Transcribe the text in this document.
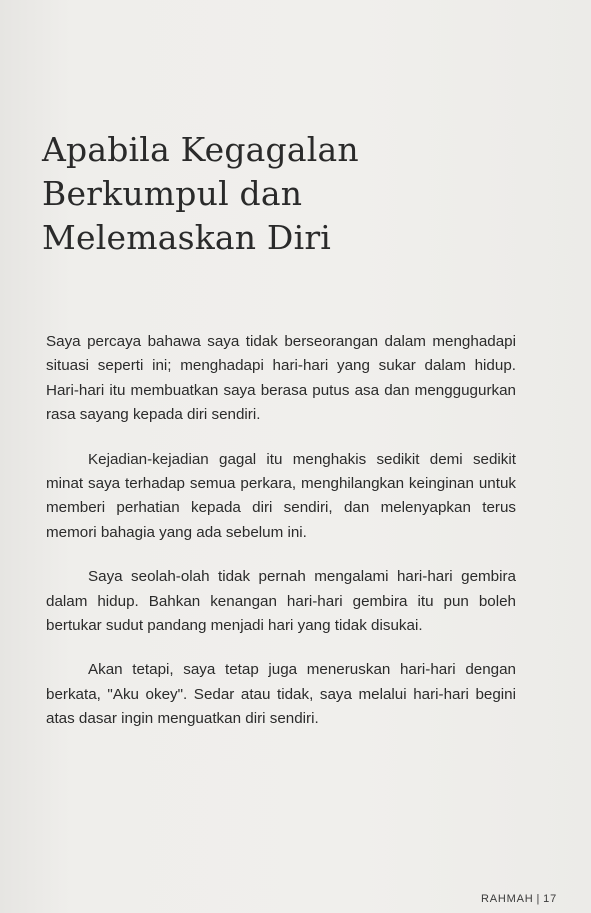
Apabila Kegagalan
Berkumpul dan
Melemaskan Diri

Saya percaya bahawa saya tidak berseorangan dalam menghadapi situasi seperti ini; menghadapi hari-hari yang sukar dalam hidup. Hari-hari itu membuatkan saya berasa putus asa dan menggugurkan rasa sayang kepada diri sendiri.

Kejadian-kejadian gagal itu menghakis sedikit demi sedikit minat saya terhadap semua perkara, menghilangkan keinginan untuk memberi perhatian kepada diri sendiri, dan melenyapkan terus memori bahagia yang ada sebelum ini.

Saya seolah-olah tidak pernah mengalami hari-hari gembira dalam hidup. Bahkan kenangan hari-hari gembira itu pun boleh bertukar sudut pandang menjadi hari yang tidak disukai.

Akan tetapi, saya tetap juga meneruskan hari-hari dengan berkata, "Aku okey". Sedar atau tidak, saya melalui hari-hari begini atas dasar ingin menguatkan diri sendiri.

RAHMAH | 17
